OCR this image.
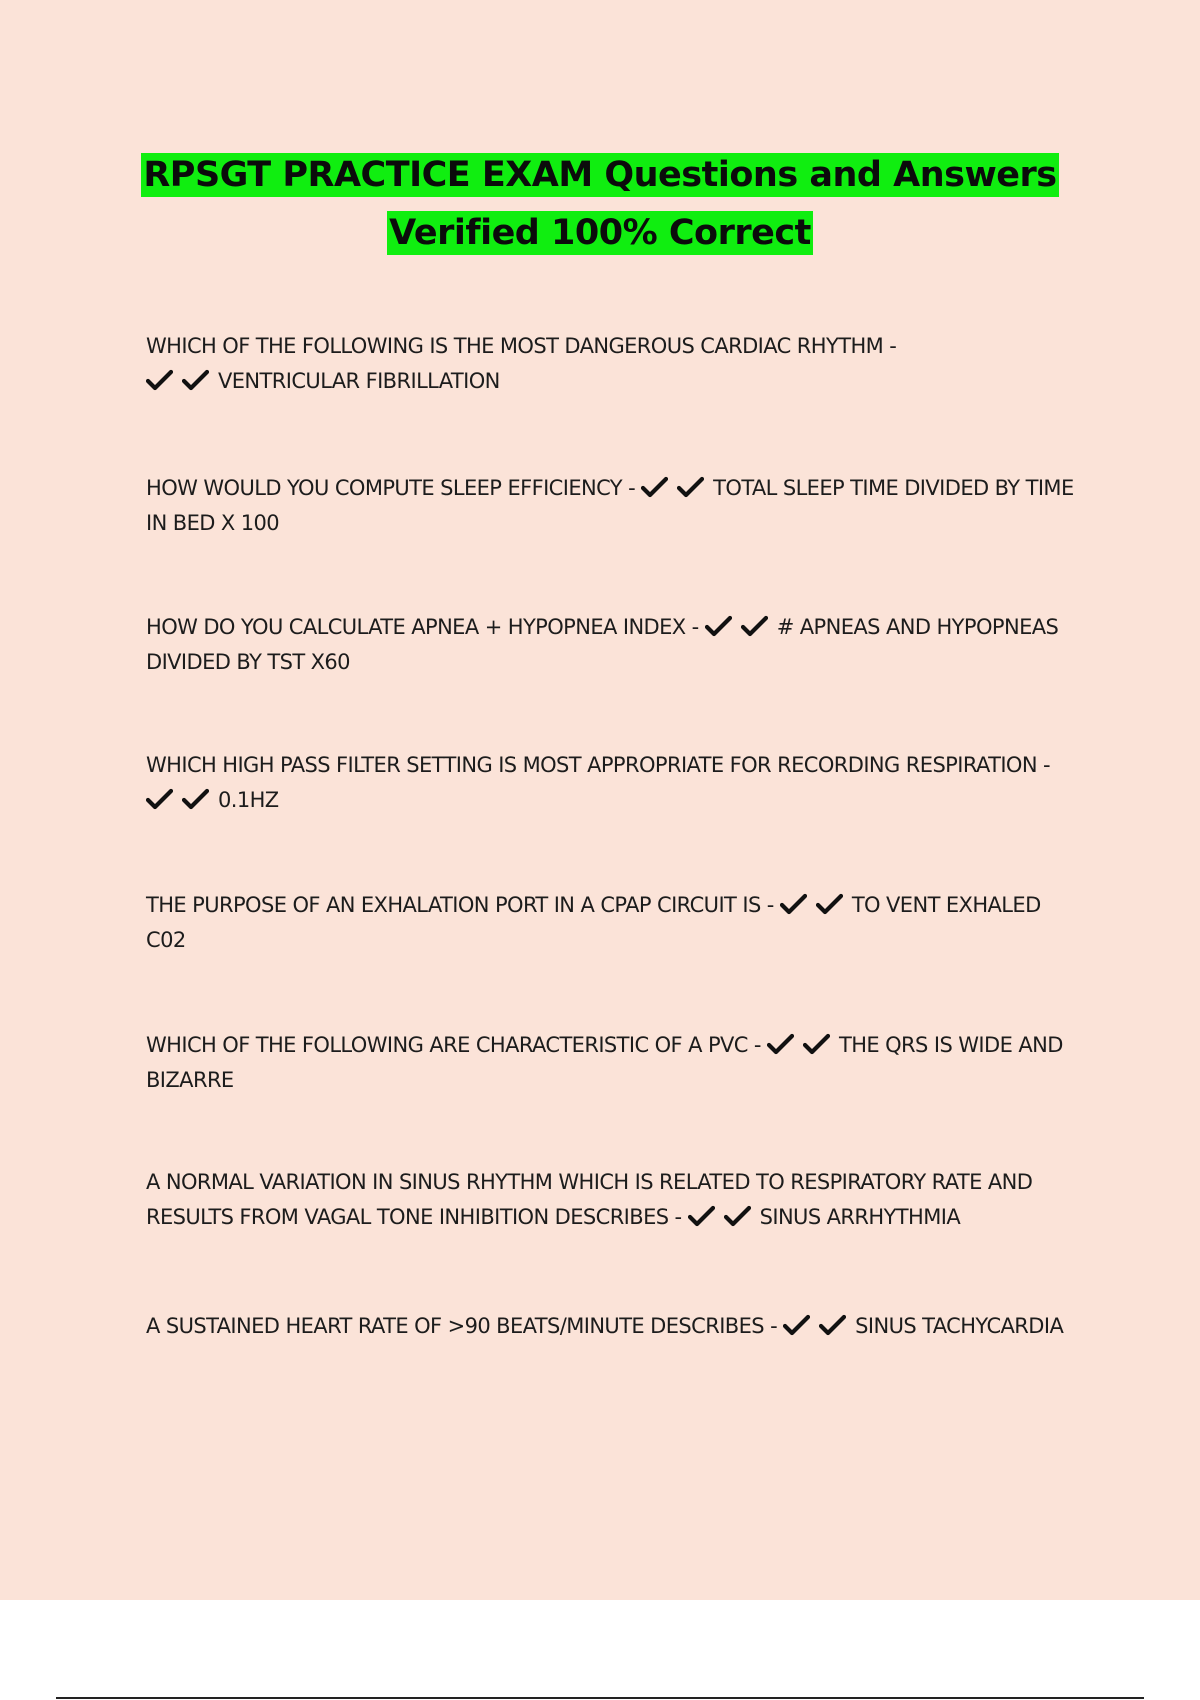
RPSGT PRACTICE EXAM Questions and Answers
Verified 100% Correct

WHICH OF THE FOLLOWING IS THE MOST DANGEROUS CARDIAC RHYTHM -

VENTRICULAR FIBRILLATION

HOW WOULD YOU COMPUTE SLEEP EFFICIENCY -	TOTAL SLEEP TIME DIVIDED BY TIME IN BED X 100

HOW DO YOU CALCULATE APNEA + HYPOPNEA INDEX -	# APNEAS AND HYPOPNEAS DIVIDED BY TST X60

WHICH HIGH PASS FILTER SETTING IS MOST APPROPRIATE FOR RECORDING RESPIRATION -
0.1HZ

THE PURPOSE OF AN EXHALATION PORT IN A CPAP CIRCUIT IS -	TO VENT EXHALED C02

WHICH OF THE FOLLOWING ARE CHARACTERISTIC OF A PVC -	THE QRS IS WIDE AND BIZARRE

A NORMAL VARIATION IN SINUS RHYTHM WHICH IS RELATED TO RESPIRATORY RATE AND RESULTS FROM VAGAL TONE INHIBITION DESCRIBES -	SINUS ARRHYTHMIA

A SUSTAINED HEART RATE OF >90 BEATS/MINUTE DESCRIBES -	SINUS TACHYCARDIA
